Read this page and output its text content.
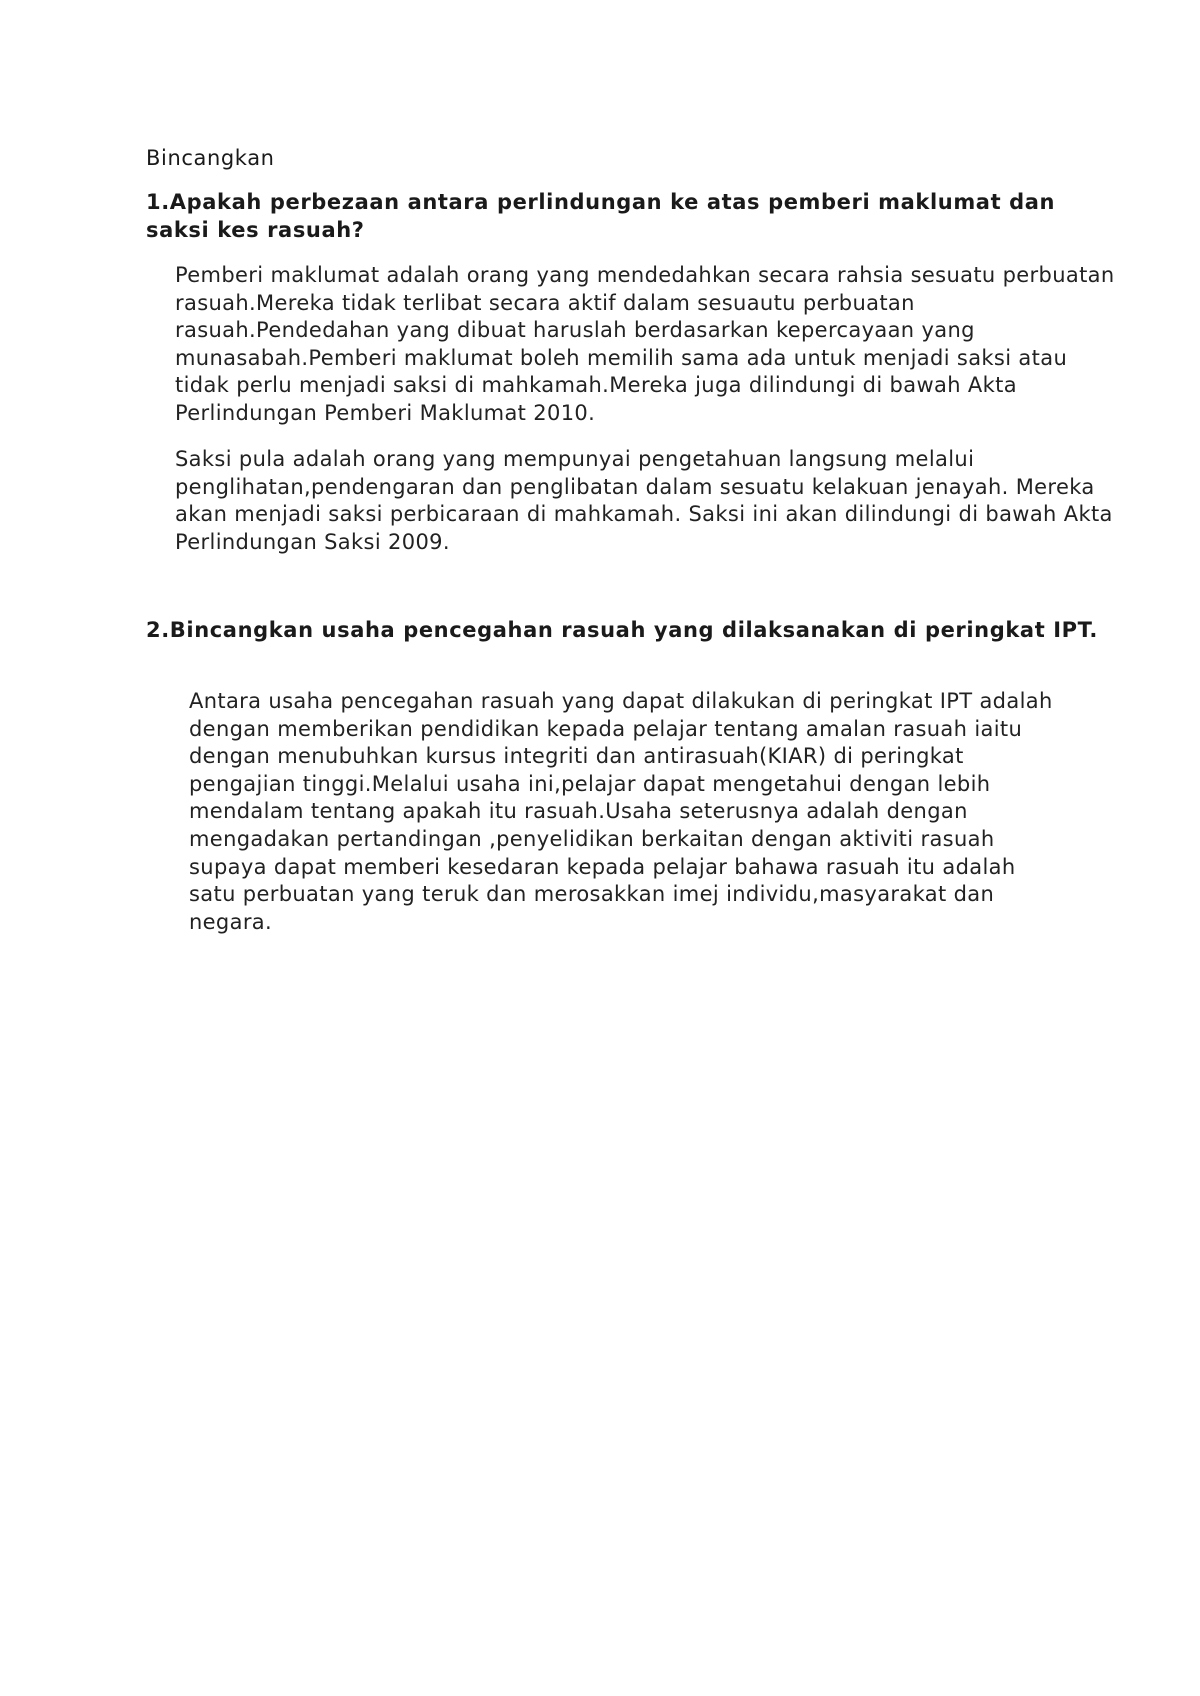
Bincangkan

1.Apakah perbezaan antara perlindungan ke atas pemberi maklumat dan saksi kes rasuah?

Pemberi maklumat adalah orang yang mendedahkan secara rahsia sesuatu perbuatan rasuah.Mereka tidak terlibat secara aktif dalam sesuautu perbuatan rasuah.Pendedahan yang dibuat haruslah berdasarkan kepercayaan yang munasabah.Pemberi maklumat boleh memilih sama ada untuk menjadi saksi atau tidak perlu menjadi saksi di mahkamah.Mereka juga dilindungi di bawah Akta Perlindungan Pemberi Maklumat 2010.

Saksi pula adalah orang yang mempunyai pengetahuan langsung melalui penglihatan,pendengaran dan penglibatan dalam sesuatu kelakuan jenayah. Mereka akan menjadi saksi perbicaraan di mahkamah. Saksi ini akan dilindungi di bawah Akta Perlindungan Saksi 2009.

2.Bincangkan usaha pencegahan rasuah yang dilaksanakan di peringkat IPT.

Antara usaha pencegahan rasuah yang dapat dilakukan di peringkat IPT adalah dengan memberikan pendidikan kepada pelajar tentang amalan rasuah iaitu dengan menubuhkan kursus integriti dan antirasuah(KIAR) di peringkat pengajian tinggi.Melalui usaha ini,pelajar dapat mengetahui dengan lebih mendalam tentang apakah itu rasuah.Usaha seterusnya adalah dengan mengadakan pertandingan ,penyelidikan berkaitan dengan aktiviti rasuah supaya dapat memberi kesedaran kepada pelajar bahawa rasuah itu adalah satu perbuatan yang teruk dan merosakkan imej individu,masyarakat dan negara.
